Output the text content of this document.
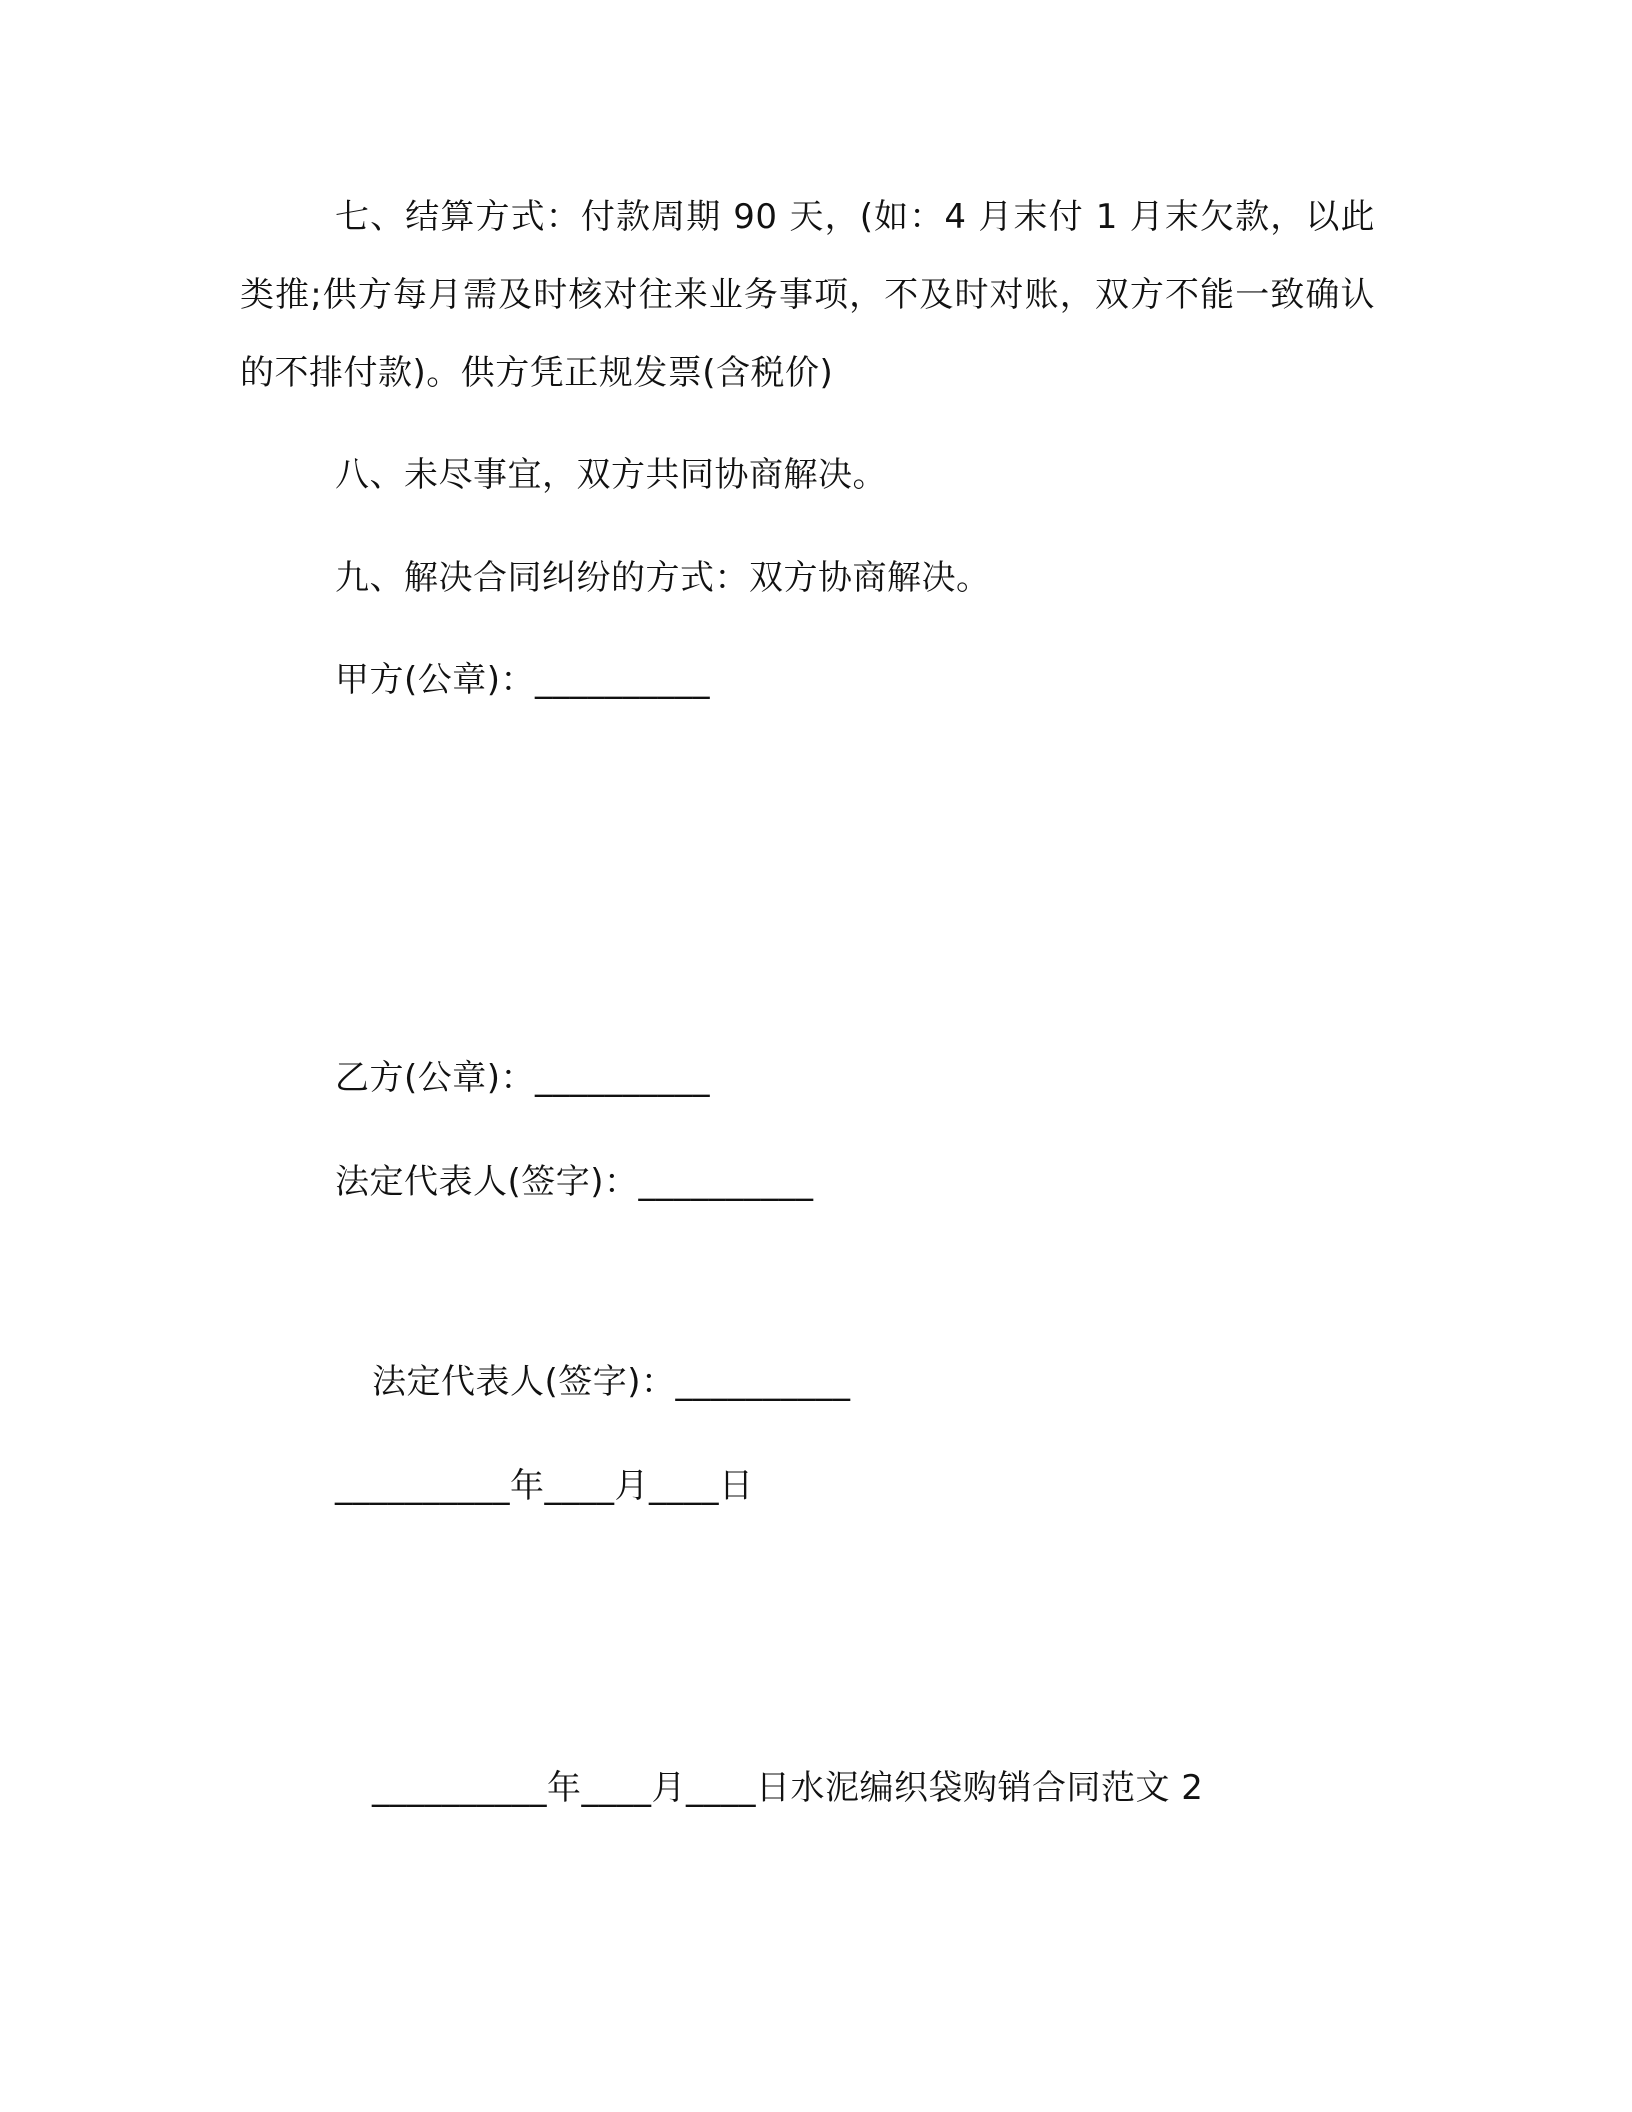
七、结算方式：付款周期 90 天，(如：4 月末付 1 月末欠款，以此类推;供方每月需及时核对往来业务事项，不及时对账，双方不能一致确认的不排付款)。供方凭正规发票(含税价)

八、未尽事宜，双方共同协商解决。
九、解决合同纠纷的方式：双方协商解决。
甲方(公章)：__________
乙方(公章)：__________
法定代表人(签字)：__________
法定代表人(签字)：__________
__________年____月____日
__________年____月____日水泥编织袋购销合同范文 2
